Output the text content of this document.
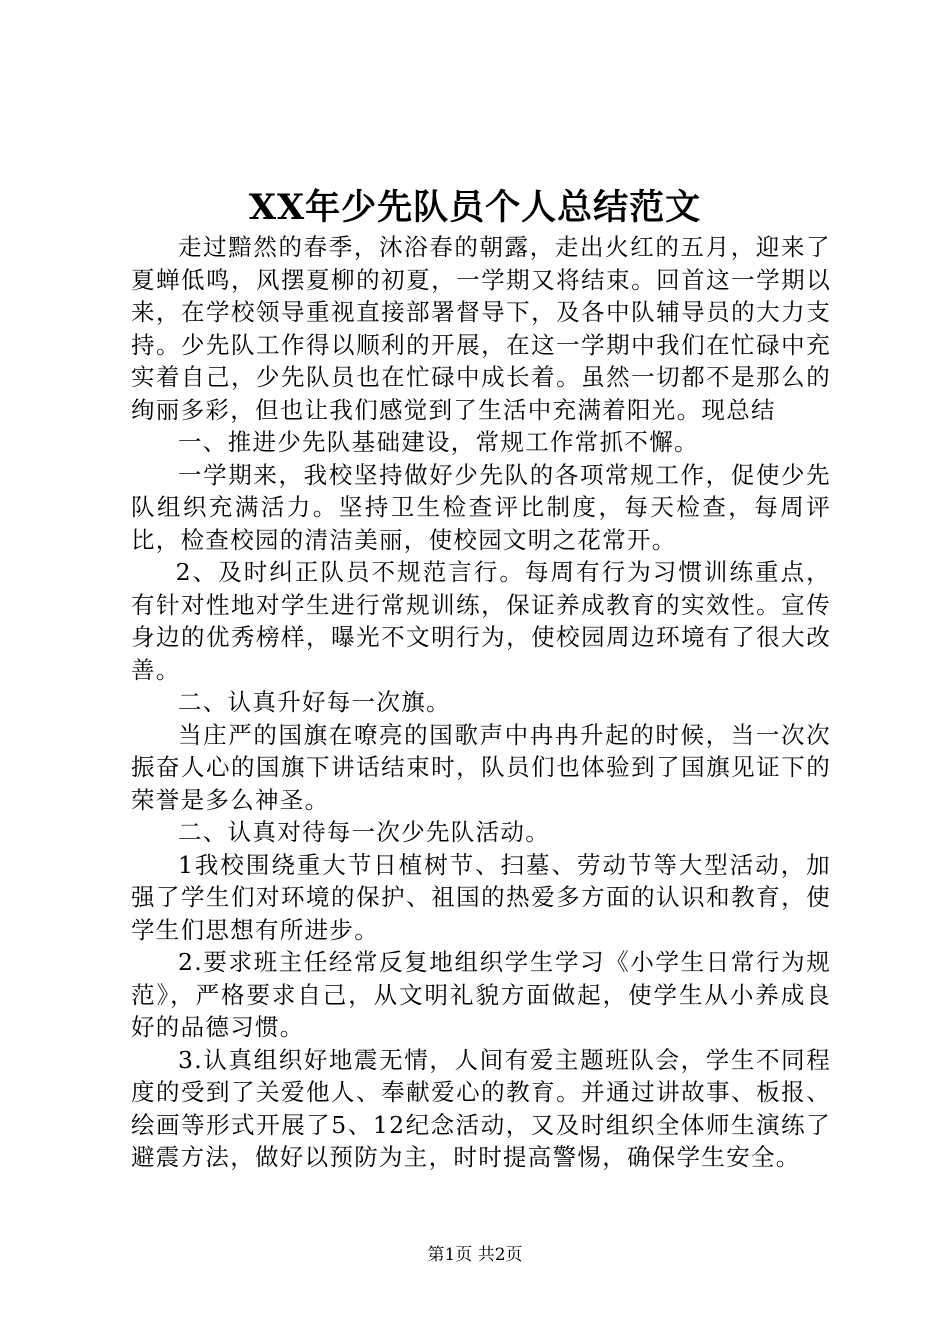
XX年少先队员个人总结范文

走过黯然的春季，沐浴春的朝露，走出火红的五月，迎来了夏蝉低鸣，风摆夏柳的初夏，一学期又将结束。回首这一学期以来，在学校领导重视直接部署督导下，及各中队辅导员的大力支持。少先队工作得以顺利的开展，在这一学期中我们在忙碌中充实着自己，少先队员也在忙碌中成长着。虽然一切都不是那么的绚丽多彩，但也让我们感觉到了生活中充满着阳光。现总结

一、推进少先队基础建设，常规工作常抓不懈。

一学期来，我校坚持做好少先队的各项常规工作，促使少先队组织充满活力。坚持卫生检查评比制度，每天检查，每周评比，检查校园的清洁美丽，使校园文明之花常开。

2、及时纠正队员不规范言行。每周有行为习惯训练重点，有针对性地对学生进行常规训练，保证养成教育的实效性。宣传身边的优秀榜样，曝光不文明行为，使校园周边环境有了很大改善。

二、认真升好每一次旗。

当庄严的国旗在嘹亮的国歌声中冉冉升起的时候，当一次次振奋人心的国旗下讲话结束时，队员们也体验到了国旗见证下的荣誉是多么神圣。

二、认真对待每一次少先队活动。

1我校围绕重大节日植树节、扫墓、劳动节等大型活动，加强了学生们对环境的保护、祖国的热爱多方面的认识和教育，使学生们思想有所进步。

2.要求班主任经常反复地组织学生学习《小学生日常行为规范》，严格要求自己，从文明礼貌方面做起，使学生从小养成良好的品德习惯。

3.认真组织好地震无情，人间有爱主题班队会，学生不同程度的受到了关爱他人、奉献爱心的教育。并通过讲故事、板报、绘画等形式开展了5、12纪念活动，又及时组织全体师生演练了避震方法，做好以预防为主，时时提高警惕，确保学生安全。

第1页 共2页
